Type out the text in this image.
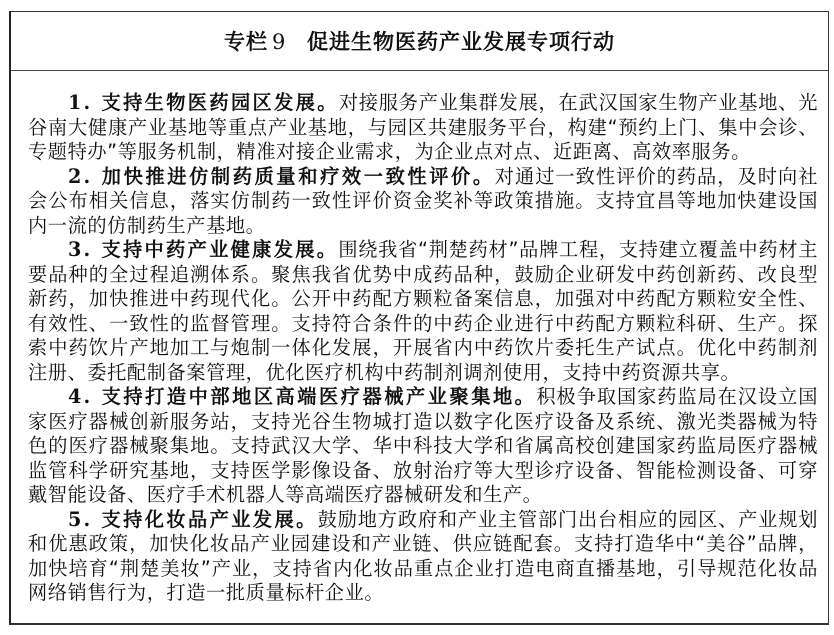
专栏 9 促进生物医药产业发展专项行动

1. 支持生物医药园区发展。对接服务产业集群发展，在武汉国家生物产业基地、光谷南大健康产业基地等重点产业基地，与园区共建服务平台，构建“预约上门、集中会诊、专题特办”等服务机制，精准对接企业需求，为企业点对点、近距离、高效率服务。

2. 加快推进仿制药质量和疗效一致性评价。对通过一致性评价的药品，及时向社会公布相关信息，落实仿制药一致性评价资金奖补等政策措施。支持宜昌等地加快建设国内一流的仿制药生产基地。

3. 支持中药产业健康发展。围绕我省“荆楚药材”品牌工程，支持建立覆盖中药材主要品种的全过程追溯体系。聚焦我省优势中成药品种，鼓励企业研发中药创新药、改良型新药，加快推进中药现代化。公开中药配方颗粒备案信息，加强对中药配方颗粒安全性、有效性、一致性的监督管理。支持符合条件的中药企业进行中药配方颗粒科研、生产。探索中药饮片产地加工与炮制一体化发展，开展省内中药饮片委托生产试点。优化中药制剂注册、委托配制备案管理，优化医疗机构中药制剂调剂使用，支持中药资源共享。

4. 支持打造中部地区高端医疗器械产业聚集地。积极争取国家药监局在汉设立国家医疗器械创新服务站，支持光谷生物城打造以数字化医疗设备及系统、激光类器械为特色的医疗器械聚集地。支持武汉大学、华中科技大学和省属高校创建国家药监局医疗器械监管科学研究基地，支持医学影像设备、放射治疗等大型诊疗设备、智能检测设备、可穿戴智能设备、医疗手术机器人等高端医疗器械研发和生产。

5. 支持化妆品产业发展。鼓励地方政府和产业主管部门出台相应的园区、产业规划和优惠政策，加快化妆品产业园建设和产业链、供应链配套。支持打造华中“美谷”品牌，加快培育“荆楚美妆”产业，支持省内化妆品重点企业打造电商直播基地，引导规范化妆品网络销售行为，打造一批质量标杆企业。
